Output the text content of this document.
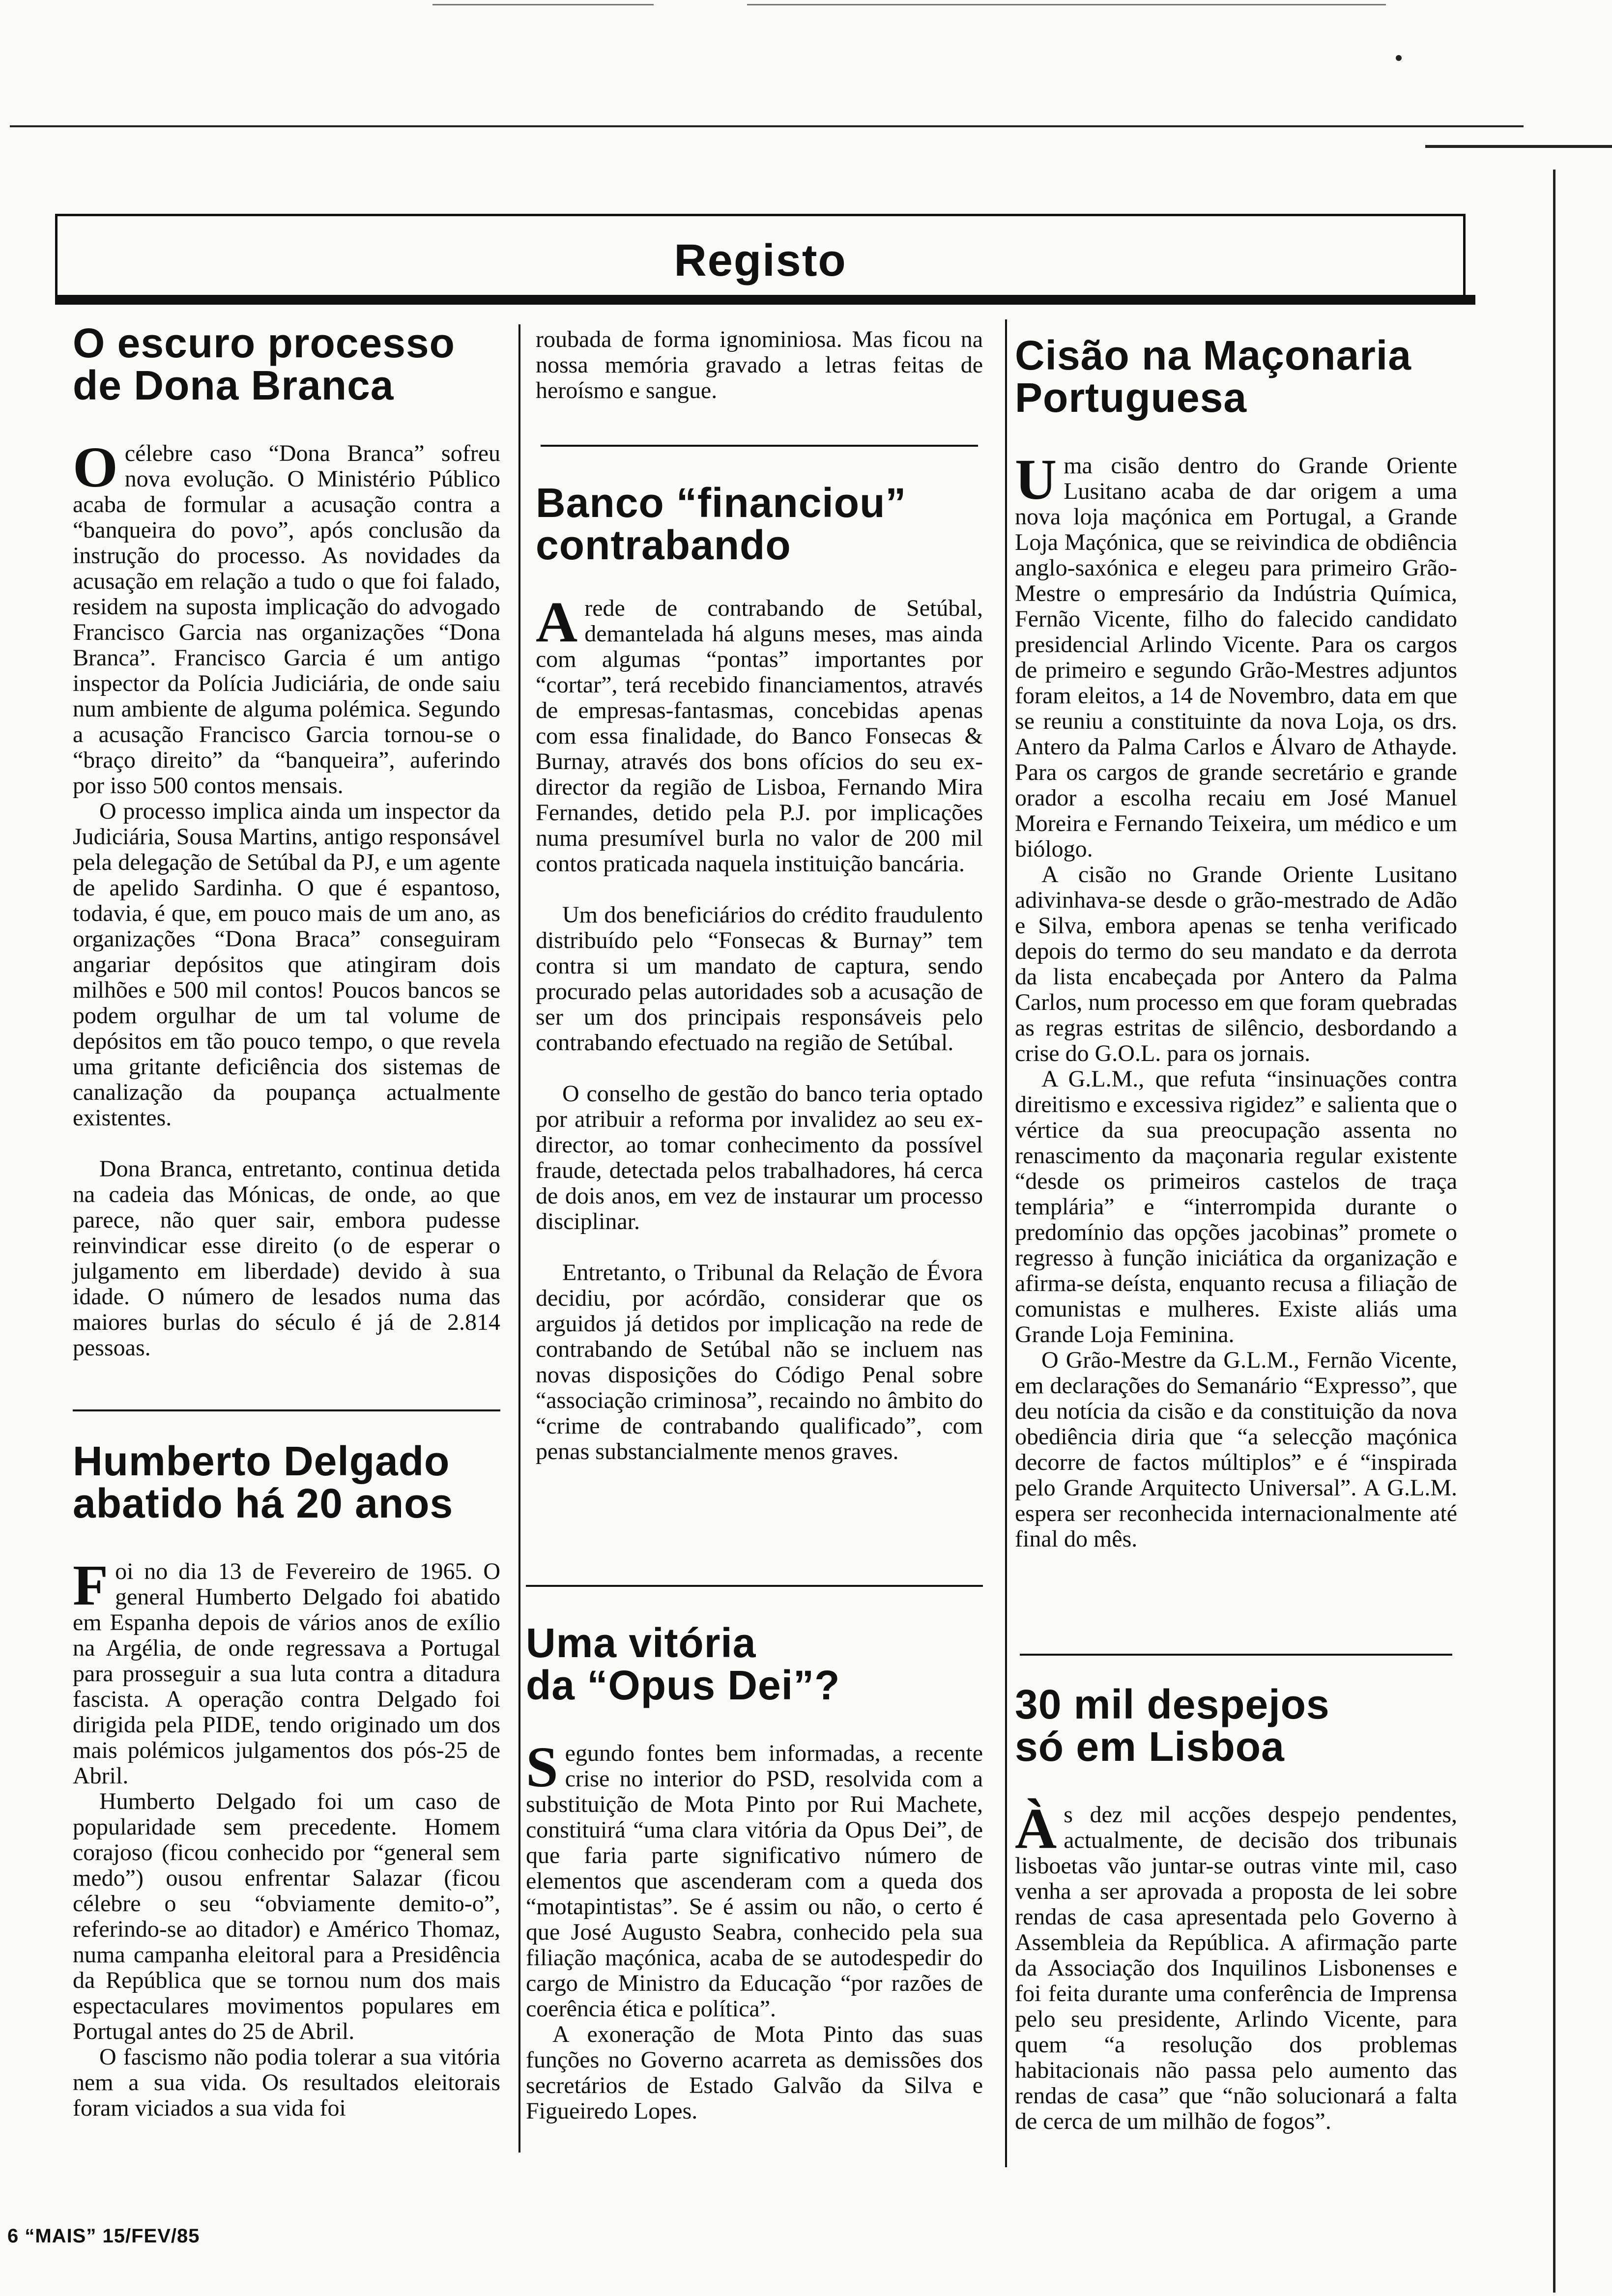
Registo
O escuro processo
de Dona Branca

Océlebre caso “Dona Branca” sofreu nova evolução. O Ministério Público acaba de formular a acusação contra a “banqueira do povo”, após conclusão da instrução do processo. As novidades da acusação em relação a tudo o que foi falado, residem na suposta implicação do advogado Francisco Garcia nas organizações “Dona Branca”. Francisco Garcia é um antigo inspector da Polícia Judiciária, de onde saiu num ambiente de alguma polémica. Segundo a acusação Francisco Garcia tornou-se o “braço direito” da “banqueira”, auferindo por isso 500 contos mensais.

O processo implica ainda um inspector da Judiciária, Sousa Martins, antigo responsável pela delegação de Setúbal da PJ, e um agente de apelido Sardinha. O que é espantoso, todavia, é que, em pouco mais de um ano, as organizações “Dona Braca” conseguiram angariar depósitos que atingiram dois milhões e 500 mil contos! Poucos bancos se podem orgulhar de um tal volume de depósitos em tão pouco tempo, o que revela uma gritante deficiência dos sistemas de canalização da poupança actualmente existentes.

Dona Branca, entretanto, continua detida na cadeia das Mónicas, de onde, ao que parece, não quer sair, embora pudesse reinvindicar esse direito (o de esperar o julgamento em liberdade) devido à sua idade. O número de lesados numa das maiores burlas do século é já de 2.814 pessoas.

Humberto Delgado
abatido há 20 anos

Foi no dia 13 de Fevereiro de 1965. O general Humberto Delgado foi abatido em Espanha depois de vários anos de exílio na Argélia, de onde regressava a Portugal para prosseguir a sua luta contra a ditadura fascista. A operação contra Delgado foi dirigida pela PIDE, tendo originado um dos mais polémicos julgamentos dos pós-25 de Abril.

Humberto Delgado foi um caso de popularidade sem precedente. Homem corajoso (ficou conhecido por “general sem medo”) ousou enfrentar Salazar (ficou célebre o seu “obviamente demito-o”, referindo-se ao ditador) e Américo Thomaz, numa campanha eleitoral para a Presidência da República que se tornou num dos mais espectaculares movimentos populares em Portugal antes do 25 de Abril.

O fascismo não podia tolerar a sua vitória nem a sua vida. Os resultados eleitorais foram viciados a sua vida foi

roubada de forma ignominiosa. Mas ficou na nossa memória gravado a letras feitas de heroísmo e sangue.

Banco “financiou”
contrabando

Arede de contrabando de Setúbal, demantelada há alguns meses, mas ainda com algumas “pontas” importantes por “cortar”, terá recebido financiamentos, através de empresas-fantasmas, concebidas apenas com essa finalidade, do Banco Fonsecas & Burnay, através dos bons ofícios do seu ex-director da região de Lisboa, Fernando Mira Fernandes, detido pela P.J. por implicações numa presumível burla no valor de 200 mil contos praticada naquela instituição bancária.

Um dos beneficiários do crédito fraudulento distribuído pelo “Fonsecas & Burnay” tem contra si um mandato de captura, sendo procurado pelas autoridades sob a acusação de ser um dos principais responsáveis pelo contrabando efectuado na região de Setúbal.

O conselho de gestão do banco teria optado por atribuir a reforma por invalidez ao seu ex-director, ao tomar conhecimento da possível fraude, detectada pelos trabalhadores, há cerca de dois anos, em vez de instaurar um processo disciplinar.

Entretanto, o Tribunal da Relação de Évora decidiu, por acórdão, considerar que os arguidos já detidos por implicação na rede de contrabando de Setúbal não se incluem nas novas disposições do Código Penal sobre “associação criminosa”, recaindo no âmbito do “crime de contrabando qualificado”, com penas substancialmente menos graves.

Uma vitória
da “Opus Dei”?

Segundo fontes bem informadas, a recente crise no interior do PSD, resolvida com a substituição de Mota Pinto por Rui Machete, constituirá “uma clara vitória da Opus Dei”, de que faria parte significativo número de elementos que ascenderam com a queda dos “motapintistas”. Se é assim ou não, o certo é que José Augusto Seabra, conhecido pela sua filiação maçónica, acaba de se autodespedir do cargo de Ministro da Educação “por razões de coerência ética e política”.

A exoneração de Mota Pinto das suas funções no Governo acarreta as demissões dos secretários de Estado Galvão da Silva e Figueiredo Lopes.

Cisão na Maçonaria
Portuguesa

Uma cisão dentro do Grande Oriente Lusitano acaba de dar origem a uma nova loja maçónica em Portugal, a Grande Loja Maçónica, que se reivindica de obdiência anglo-saxónica e elegeu para primeiro Grão-Mestre o empresário da Indústria Química, Fernão Vicente, filho do falecido candidato presidencial Arlindo Vicente. Para os cargos de primeiro e segundo Grão-Mestres adjuntos foram eleitos, a 14 de Novembro, data em que se reuniu a constituinte da nova Loja, os drs. Antero da Palma Carlos e Álvaro de Athayde. Para os cargos de grande secretário e grande orador a escolha recaiu em José Manuel Moreira e Fernando Teixeira, um médico e um biólogo.

A cisão no Grande Oriente Lusitano adivinhava-se desde o grão-mestrado de Adão e Silva, embora apenas se tenha verificado depois do termo do seu mandato e da derrota da lista encabeçada por Antero da Palma Carlos, num processo em que foram quebradas as regras estritas de silêncio, desbordando a crise do G.O.L. para os jornais.

A G.L.M., que refuta “insinuações contra direitismo e excessiva rigidez” e salienta que o vértice da sua preocupação assenta no renascimento da maçonaria regular existente “desde os primeiros castelos de traça templária” e “interrompida durante o predomínio das opções jacobinas” promete o regresso à função iniciática da organização e afirma-se deísta, enquanto recusa a filiação de comunistas e mulheres. Existe aliás uma Grande Loja Feminina.

O Grão-Mestre da G.L.M., Fernão Vicente, em declarações do Semanário “Expresso”, que deu notícia da cisão e da constituição da nova obediência diria que “a selecção maçónica decorre de factos múltiplos” e é “inspirada pelo Grande Arquitecto Universal”. A G.L.M. espera ser reconhecida internacionalmente até final do mês.

30 mil despejos
só em Lisboa

Às dez mil acções despejo pendentes, actualmente, de decisão dos tribunais lisboetas vão juntar-se outras vinte mil, caso venha a ser aprovada a proposta de lei sobre rendas de casa apresentada pelo Governo à Assembleia da República. A afirmação parte da Associação dos Inquilinos Lisbonenses e foi feita durante uma conferência de Imprensa pelo seu presidente, Arlindo Vicente, para quem “a resolução dos problemas habitacionais não passa pelo aumento das rendas de casa” que “não solucionará a falta de cerca de um milhão de fogos”.

6 “MAIS” 15/FEV/85
